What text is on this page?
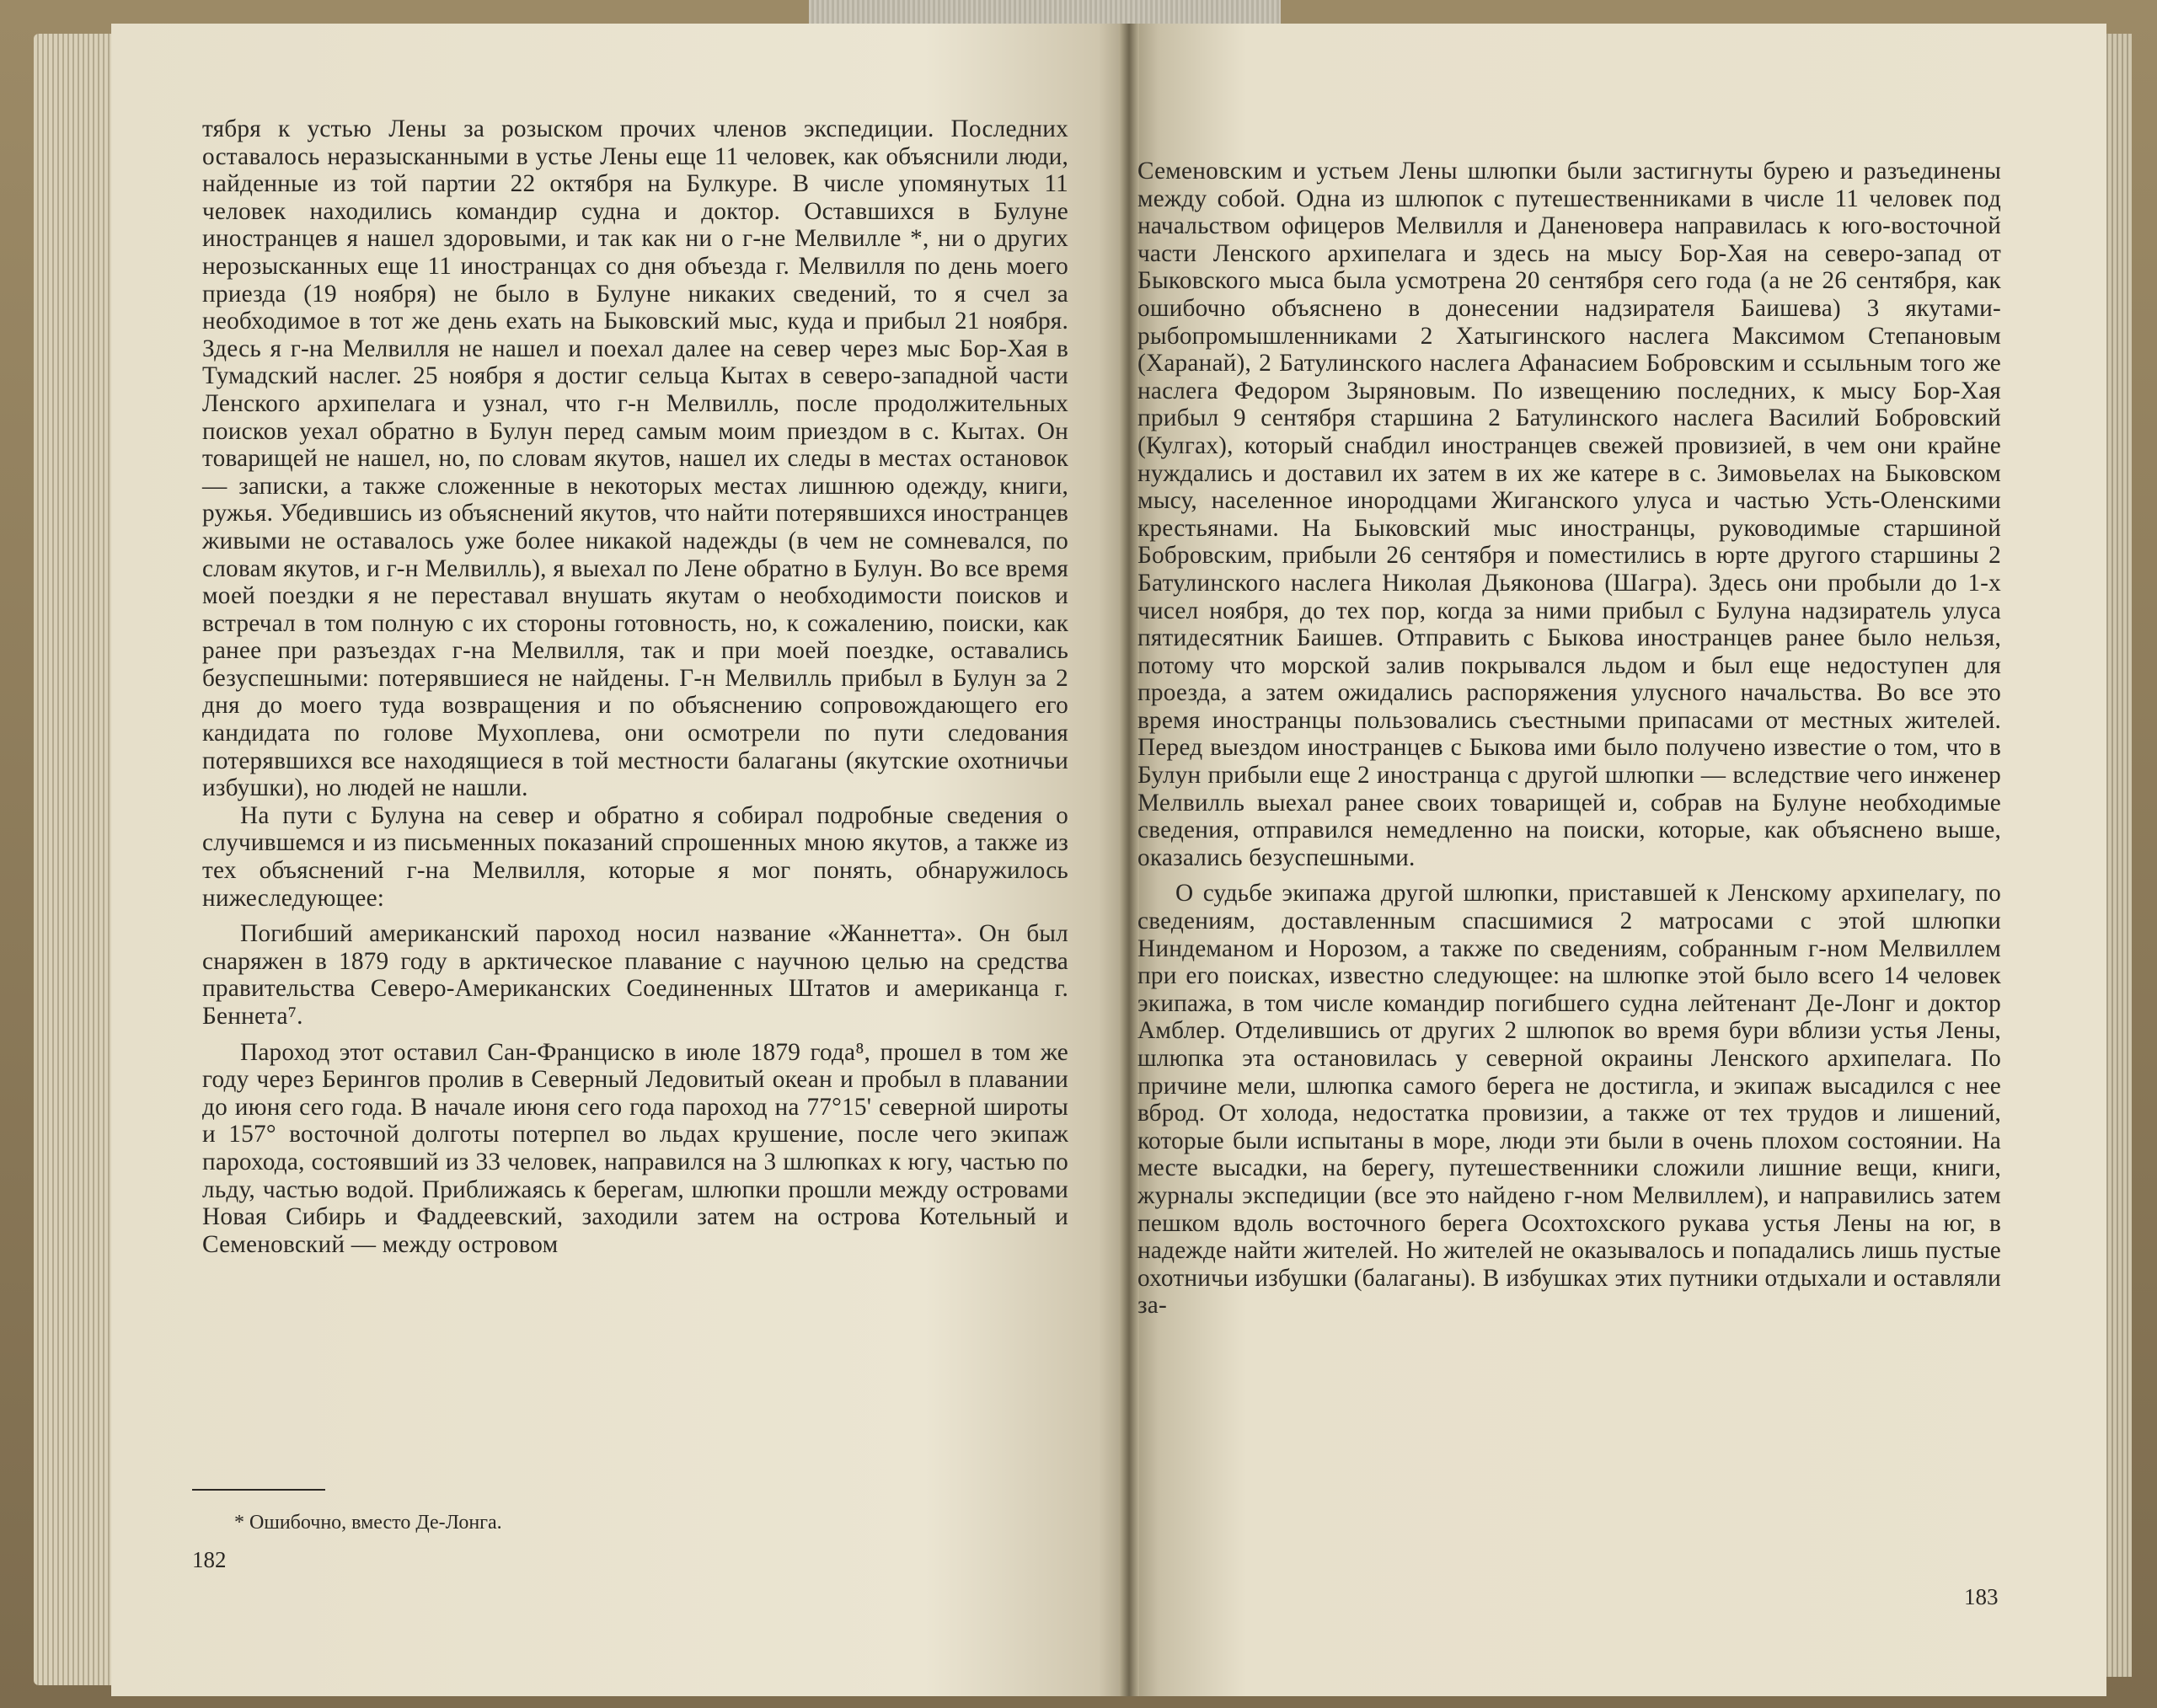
тября к устью Лены за розыском прочих членов экспедиции. Последних оставалось неразысканными в устье Лены еще 11 человек, как объяснили люди, найденные из той партии 22 октября на Булкуре. В числе упомянутых 11 человек находились командир судна и доктор. Оставшихся в Булуне иностранцев я нашел здоровыми, и так как ни о г-не Мелвилле *, ни о других нерозысканных еще 11 иностранцах со дня объезда г. Мелвилля по день моего приезда (19 ноября) не было в Булуне никаких сведений, то я счел за необходимое в тот же день ехать на Быковский мыс, куда и прибыл 21 ноября. Здесь я г-на Мелвилля не нашел и поехал далее на север через мыс Бор-Хая в Тумадский наслег. 25 ноября я достиг сельца Кытах в северо-западной части Ленского архипелага и узнал, что г-н Мелвилль, после продолжительных поисков уехал обратно в Булун перед самым моим приездом в с. Кытах. Он товарищей не нашел, но, по словам якутов, нашел их следы в местах остановок — записки, а также сложенные в некоторых местах лишнюю одежду, книги, ружья. Убедившись из объяснений якутов, что найти потерявшихся иностранцев живыми не оставалось уже более никакой надежды (в чем не сомневался, по словам якутов, и г-н Мелвилль), я выехал по Лене обратно в Булун. Во все время моей поездки я не переставал внушать якутам о необходимости поисков и встречал в том полную с их стороны готовность, но, к сожалению, поиски, как ранее при разъездах г-на Мелвилля, так и при моей поездке, оставались безуспешными: потерявшиеся не найдены. Г-н Мелвилль прибыл в Булун за 2 дня до моего туда возвращения и по объяснению сопровождающего его кандидата по голове Мухоплева, они осмотрели по пути следования потерявшихся все находящиеся в той местности балаганы (якутские охотничьи избушки), но людей не нашли.

На пути с Булуна на север и обратно я собирал подробные сведения о случившемся и из письменных показаний спрошенных мною якутов, а также из тех объяснений г-на Мелвилля, которые я мог понять, обнаружилось нижеследующее:

Погибший американский пароход носил название «Жаннетта». Он был снаряжен в 1879 году в арктическое плавание с научною целью на средства правительства Северо-Американских Соединенных Штатов и американца г. Беннета⁷.

Пароход этот оставил Сан-Франциско в июле 1879 года⁸, прошел в том же году через Берингов пролив в Северный Ледовитый океан и пробыл в плавании до июня сего года. В начале июня сего года пароход на 77°15' северной широты и 157° восточной долготы потерпел во льдах крушение, после чего экипаж парохода, состоявший из 33 человек, направился на 3 шлюпках к югу, частью по льду, частью водой. Приближаясь к берегам, шлюпки прошли между островами Новая Сибирь и Фаддеевский, заходили затем на острова Котельный и Семеновский — между островом

* Ошибочно, вместо Де-Лонга.
182

Семеновским и устьем Лены шлюпки были застигнуты бурею и разъединены между собой. Одна из шлюпок с путешественниками в числе 11 человек под начальством офицеров Мелвилля и Даненовера направилась к юго-восточной части Ленского архипелага и здесь на мысу Бор-Хая на северо-запад от Быковского мыса была усмотрена 20 сентября сего года (а не 26 сентября, как ошибочно объяснено в донесении надзирателя Баишева) 3 якутами-рыбопромышленниками 2 Хатыгинского наслега Максимом Степановым (Харанай), 2 Батулинского наслега Афанасием Бобровским и ссыльным того же наслега Федором Зыряновым. По извещению последних, к мысу Бор-Хая прибыл 9 сентября старшина 2 Батулинского наслега Василий Бобровский (Кулгах), который снабдил иностранцев свежей провизией, в чем они крайне нуждались и доставил их затем в их же катере в с. Зимовьелах на Быковском мысу, населенное инородцами Жиганского улуса и частью Усть-Оленскими крестьянами. На Быковский мыс иностранцы, руководимые старшиной Бобровским, прибыли 26 сентября и поместились в юрте другого старшины 2 Батулинского наслега Николая Дьяконова (Шагра). Здесь они пробыли до 1-х чисел ноября, до тех пор, когда за ними прибыл с Булуна надзиратель улуса пятидесятник Баишев. Отправить с Быкова иностранцев ранее было нельзя, потому что морской залив покрывался льдом и был еще недоступен для проезда, а затем ожидались распоряжения улусного начальства. Во все это время иностранцы пользовались съестными припасами от местных жителей. Перед выездом иностранцев с Быкова ими было получено известие о том, что в Булун прибыли еще 2 иностранца с другой шлюпки — вследствие чего инженер Мелвилль выехал ранее своих товарищей и, собрав на Булуне необходимые сведения, отправился немедленно на поиски, которые, как объяснено выше, оказались безуспешными.

О судьбе экипажа другой шлюпки, приставшей к Ленскому архипелагу, по сведениям, доставленным спасшимися 2 матросами с этой шлюпки Ниндеманом и Норозом, а также по сведениям, собранным г-ном Мелвиллем при его поисках, известно следующее: на шлюпке этой было всего 14 человек экипажа, в том числе командир погибшего судна лейтенант Де-Лонг и доктор Амблер. Отделившись от других 2 шлюпок во время бури вблизи устья Лены, шлюпка эта остановилась у северной окраины Ленского архипелага. По причине мели, шлюпка самого берега не достигла, и экипаж высадился с нее вброд. От холода, недостатка провизии, а также от тех трудов и лишений, которые были испытаны в море, люди эти были в очень плохом состоянии. На месте высадки, на берегу, путешественники сложили лишние вещи, книги, журналы экспедиции (все это найдено г-ном Мелвиллем), и направились затем пешком вдоль восточного берега Осохтохского рукава устья Лены на юг, в надежде найти жителей. Но жителей не оказывалось и попадались лишь пустые охотничьи избушки (балаганы). В избушках этих путники отдыхали и оставляли за-

183
